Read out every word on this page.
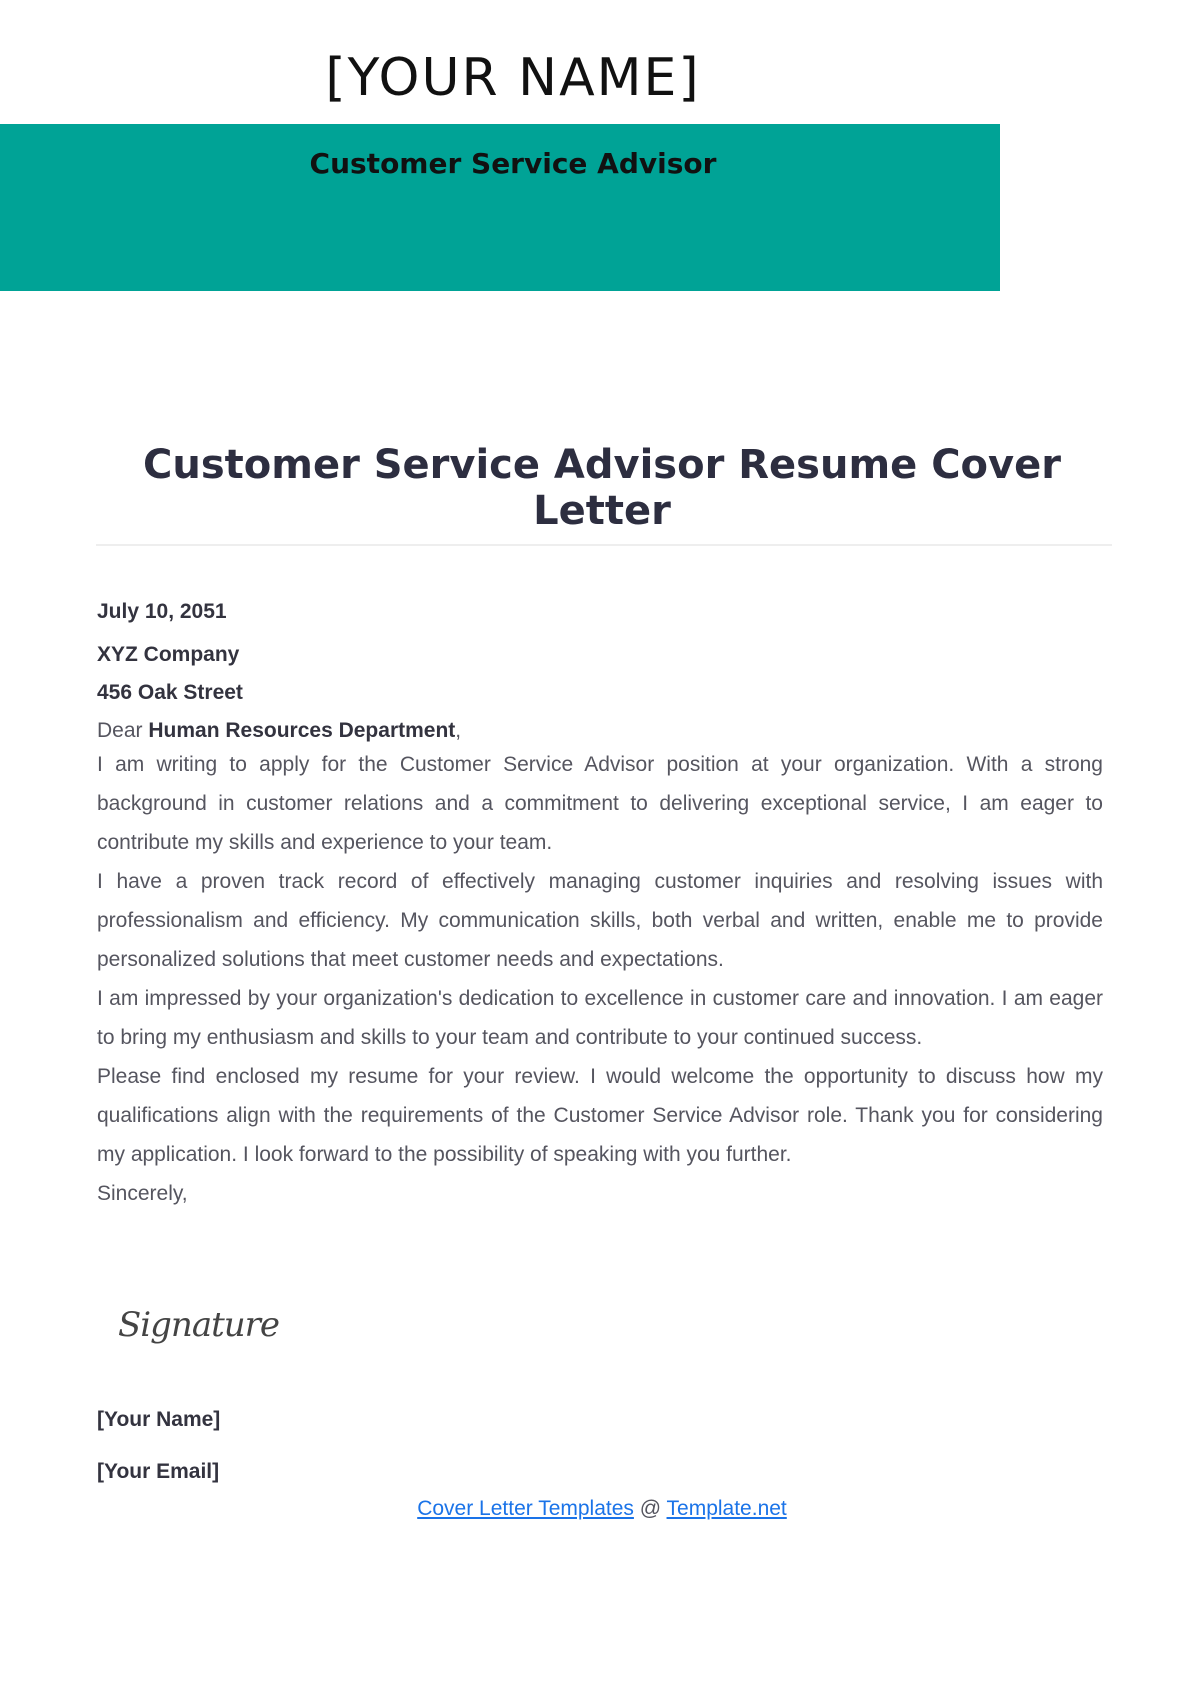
[YOUR NAME]
Customer Service Advisor
Customer Service Advisor Resume Cover Letter

July 10, 2051

XYZ Company

456 Oak Street

Dear Human Resources Department,

I am writing to apply for the Customer Service Advisor position at your organization. With a strong background in customer relations and a commitment to delivering exceptional service, I am eager to contribute my skills and experience to your team.

I have a proven track record of effectively managing customer inquiries and resolving issues with professionalism and efficiency. My communication skills, both verbal and written, enable me to provide personalized solutions that meet customer needs and expectations.

I am impressed by your organization's dedication to excellence in customer care and innovation. I am eager to bring my enthusiasm and skills to your team and contribute to your continued success.

Please find enclosed my resume for your review. I would welcome the opportunity to discuss how my qualifications align with the requirements of the Customer Service Advisor role. Thank you for considering my application. I look forward to the possibility of speaking with you further.

Sincerely,

Signature
[Your Name]
[Your Email]
Cover Letter Templates @ Template.net
